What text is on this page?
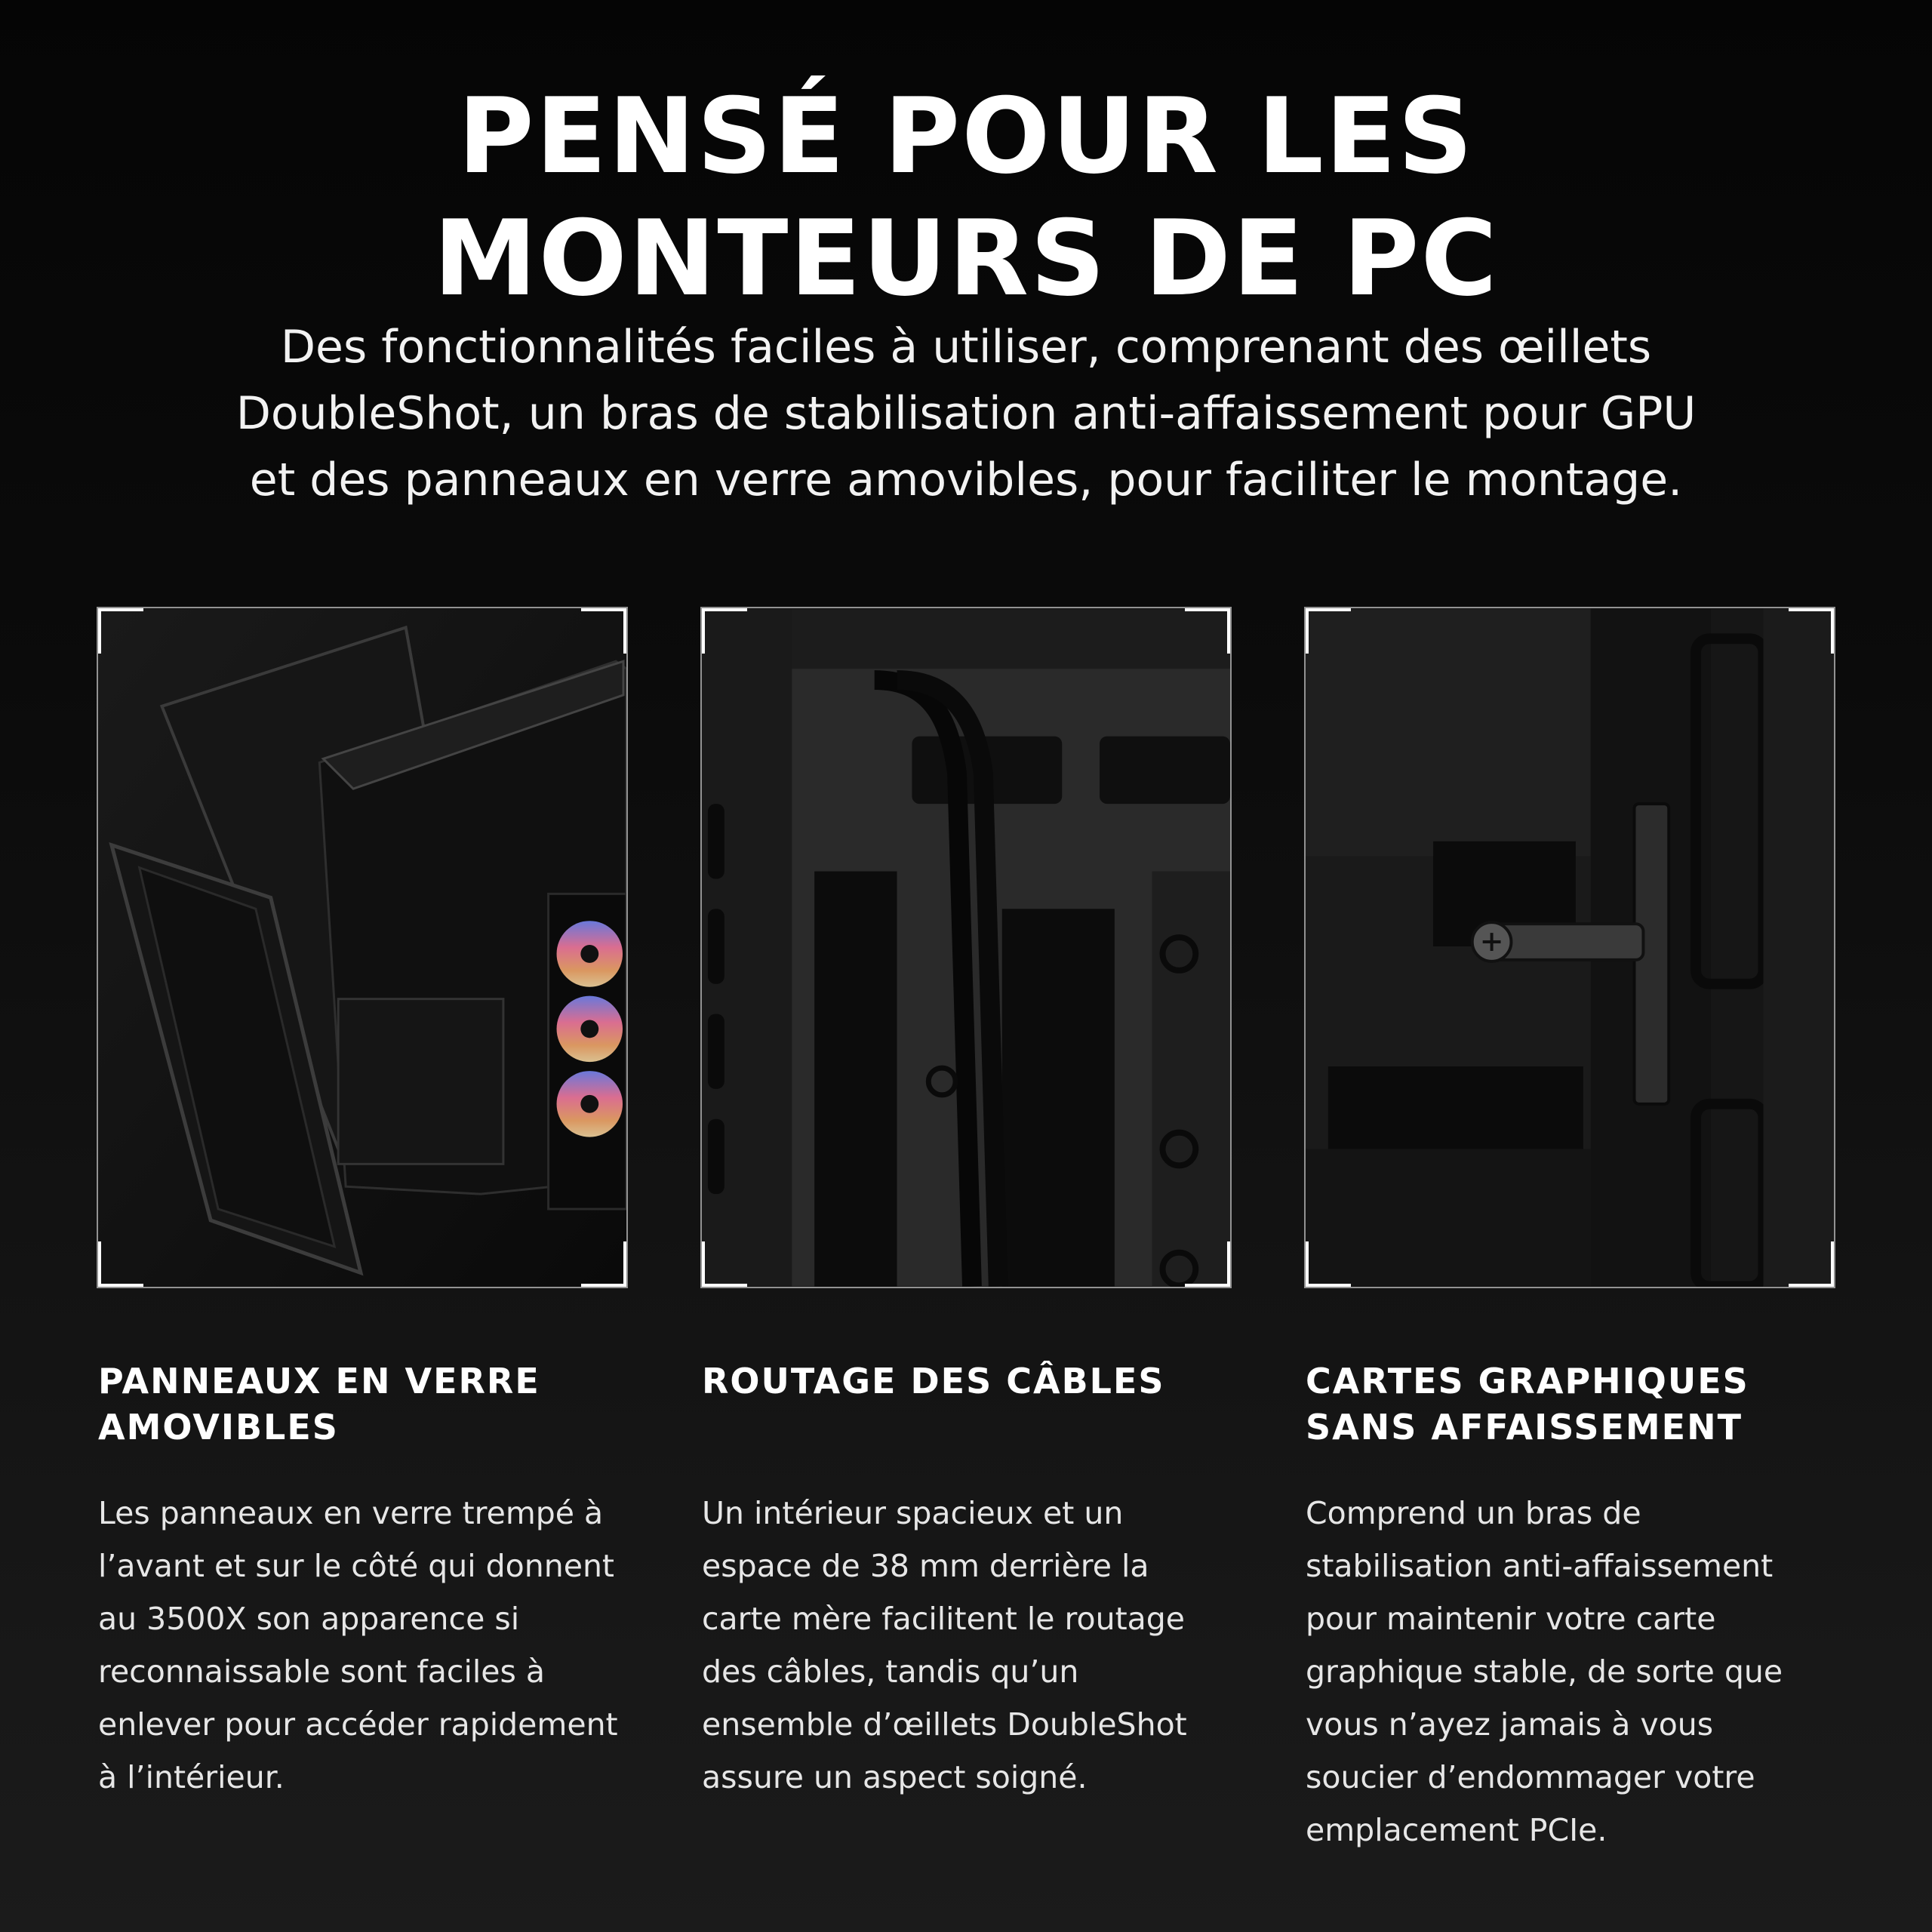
PENSÉ POUR LES
MONTEURS DE PC
Des fonctionnalités faciles à utiliser, comprenant des œillets
DoubleShot, un bras de stabilisation anti-affaissement pour GPU
et des panneaux en verre amovibles, pour faciliter le montage.
PANNEAUX EN VERRE
AMOVIBLES

Les panneaux en verre trempé à
l’avant et sur le côté qui donnent
au 3500X son apparence si
reconnaissable sont faciles à
enlever pour accéder rapidement
à l’intérieur.

ROUTAGE DES CÂBLES

Un intérieur spacieux et un
espace de 38 mm derrière la
carte mère facilitent le routage
des câbles, tandis qu’un
ensemble d’œillets DoubleShot
assure un aspect soigné.

CARTES GRAPHIQUES
SANS AFFAISSEMENT

Comprend un bras de
stabilisation anti-affaissement
pour maintenir votre carte
graphique stable, de sorte que
vous n’ayez jamais à vous
soucier d’endommager votre
emplacement PCIe.
